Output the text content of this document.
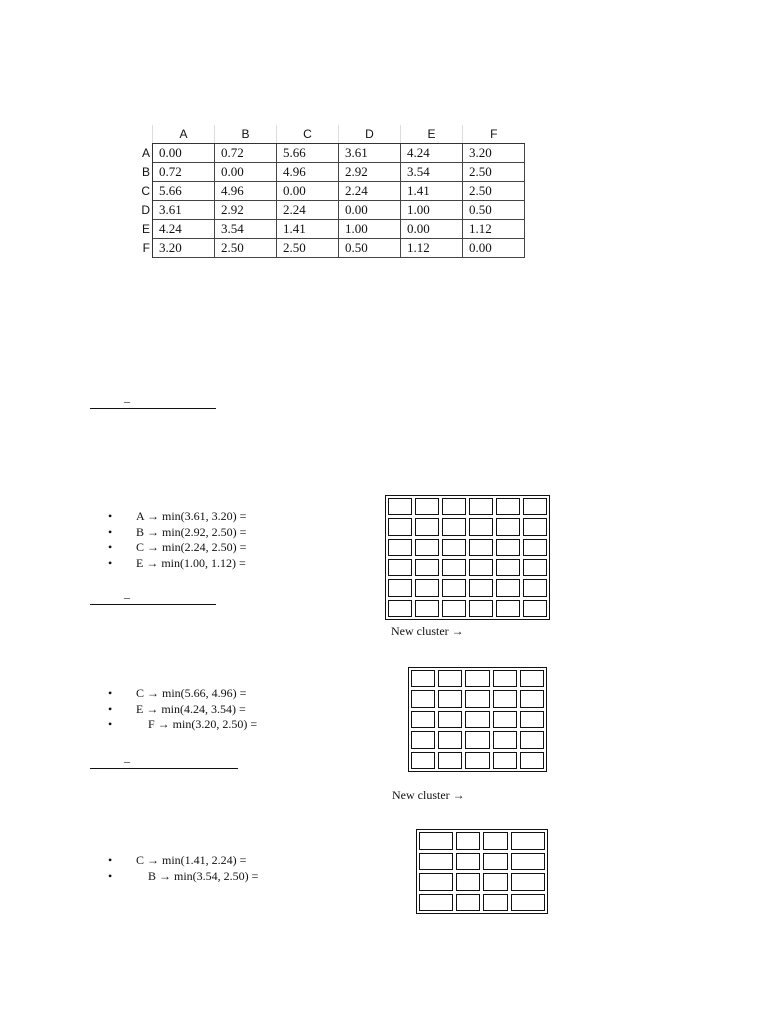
	A	B	C	D	E	F
A	0.00	0.72	5.66	3.61	4.24	3.20
B	0.72	0.00	4.96	2.92	3.54	2.50
C	5.66	4.96	0.00	2.24	1.41	2.50
D	3.61	2.92	2.24	0.00	1.00	0.50
E	4.24	3.54	1.41	1.00	0.00	1.12
F	3.20	2.50	2.50	0.50	1.12	0.00
_
• A → min(3.61, 3.20) =
• B → min(2.92, 2.50) =
• C → min(2.24, 2.50) =
• E → min(1.00, 1.12) =
New cluster →
_
• C → min(5.66, 4.96) =
• E → min(4.24, 3.54) =
•	F → min(3.20, 2.50) =
_
New cluster →
• C → min(1.41, 2.24) =
•	B → min(3.54, 2.50) =
